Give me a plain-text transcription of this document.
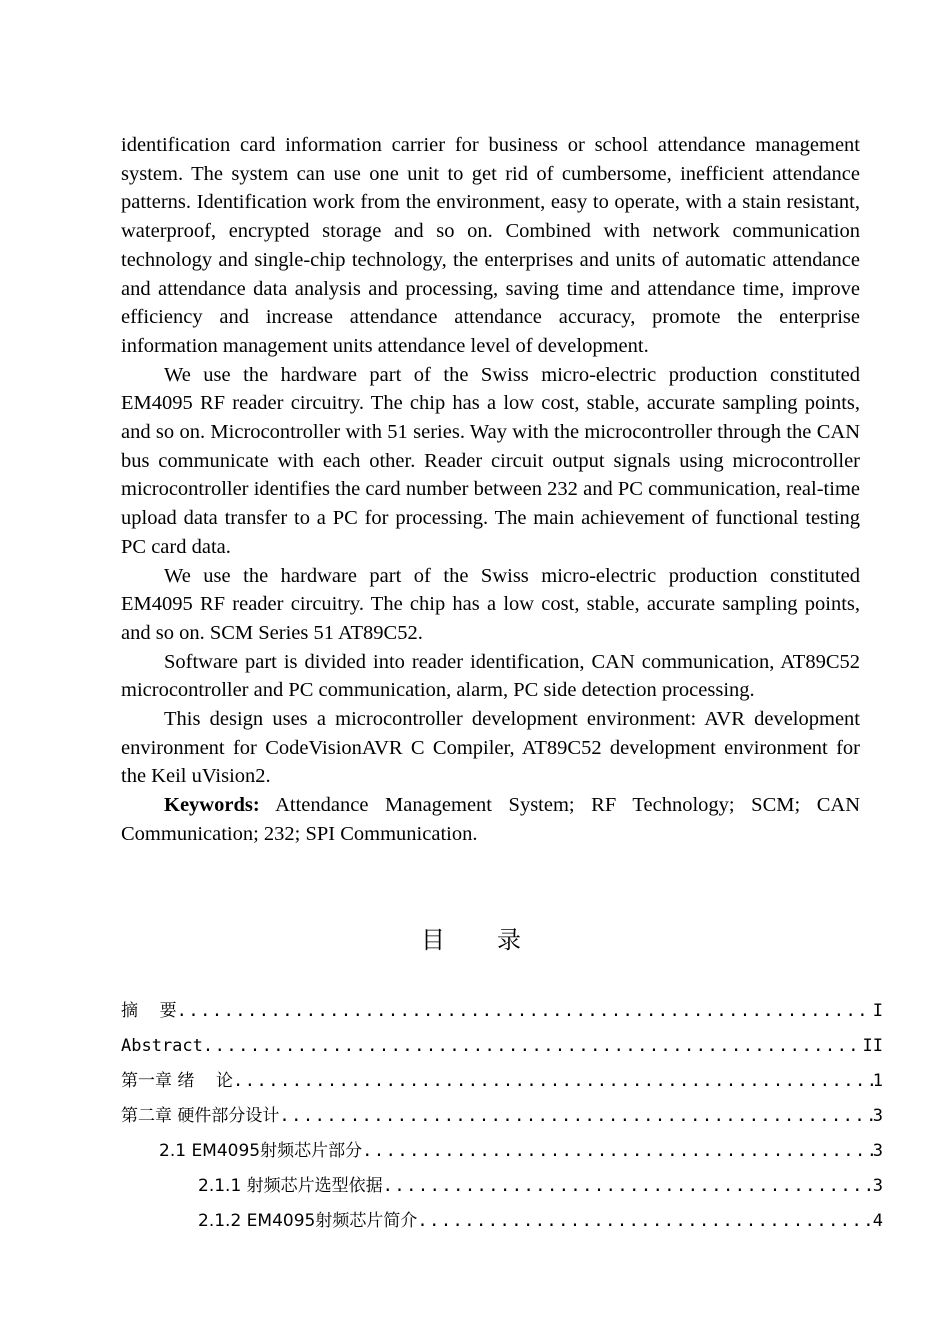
identification card information carrier for business or school attendance management system. The system can use one unit to get rid of cumbersome, inefficient attendance patterns. Identification work from the environment, easy to operate, with a stain resistant, waterproof, encrypted storage and so on. Combined with network communication technology and single-chip technology, the enterprises and units of automatic attendance and attendance data analysis and processing, saving time and attendance time, improve efficiency and increase attendance attendance accuracy, promote the enterprise information management units attendance level of development.

We use the hardware part of the Swiss micro-electric production constituted EM4095 RF reader circuitry. The chip has a low cost, stable, accurate sampling points, and so on. Microcontroller with 51 series. Way with the microcontroller through the CAN bus communicate with each other. Reader circuit output signals using microcontroller microcontroller identifies the card number between 232 and PC communication, real-time upload data transfer to a PC for processing. The main achievement of functional testing PC card data.

We use the hardware part of the Swiss micro-electric production constituted EM4095 RF reader circuitry. The chip has a low cost, stable, accurate sampling points, and so on. SCM Series 51 AT89C52.

Software part is divided into reader identification, CAN communication, AT89C52 microcontroller and PC communication, alarm, PC side detection processing.

This design uses a microcontroller development environment: AVR development environment for CodeVisionAVR C Compiler, AT89C52 development environment for the Keil uVision2.

Keywords: Attendance Management System; RF Technology; SCM; CAN Communication; 232; SPI Communication.

目 录
摘    要 .....	I
Abstract .....	II
第一章 绪    论 .....	1
第二章 硬件部分设计 .....	3
2.1 EM4095射频芯片部分 .....	3
2.1.1 射频芯片选型依据 .....	3
2.1.2 EM4095射频芯片简介 .....	4
